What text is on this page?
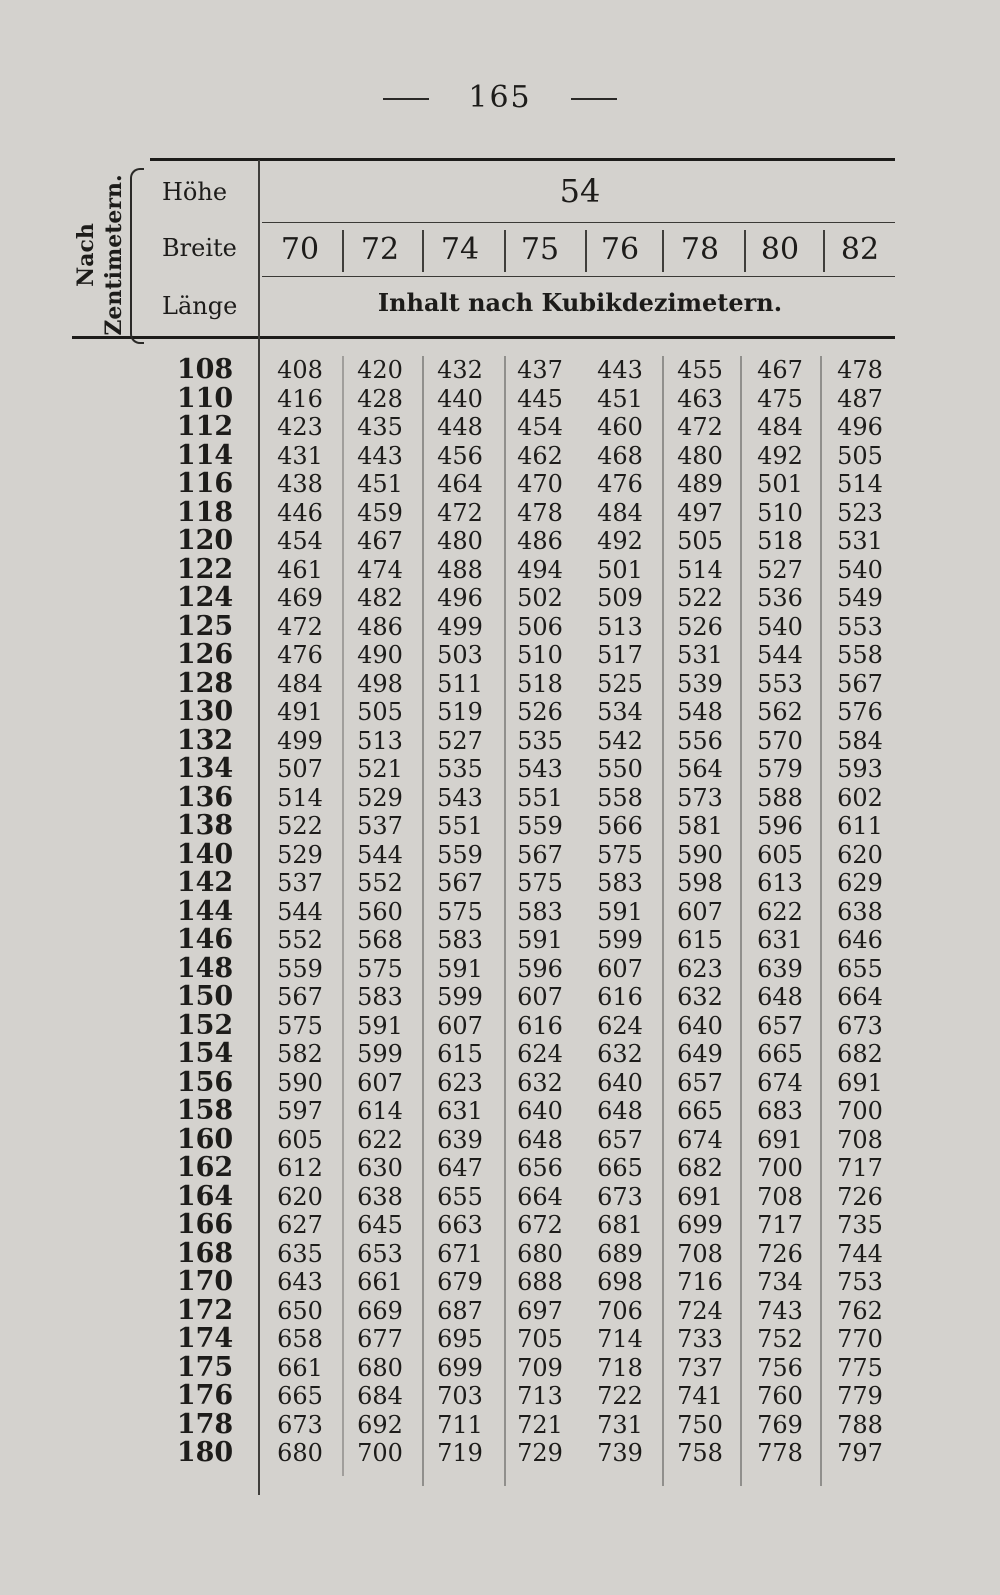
165
Nach Zentimetern. Höhe
Breite
Länge
54
70	72	74	75	76	78	80	82
Inhalt nach Kubikdezimetern.
108	408	420	432	437	443	455	467	478
110	416	428	440	445	451	463	475	487
112	423	435	448	454	460	472	484	496
114	431	443	456	462	468	480	492	505
116	438	451	464	470	476	489	501	514
118	446	459	472	478	484	497	510	523
120	454	467	480	486	492	505	518	531
122	461	474	488	494	501	514	527	540
124	469	482	496	502	509	522	536	549
125	472	486	499	506	513	526	540	553
126	476	490	503	510	517	531	544	558
128	484	498	511	518	525	539	553	567
130	491	505	519	526	534	548	562	576
132	499	513	527	535	542	556	570	584
134	507	521	535	543	550	564	579	593
136	514	529	543	551	558	573	588	602
138	522	537	551	559	566	581	596	611
140	529	544	559	567	575	590	605	620
142	537	552	567	575	583	598	613	629
144	544	560	575	583	591	607	622	638
146	552	568	583	591	599	615	631	646
148	559	575	591	596	607	623	639	655
150	567	583	599	607	616	632	648	664
152	575	591	607	616	624	640	657	673
154	582	599	615	624	632	649	665	682
156	590	607	623	632	640	657	674	691
158	597	614	631	640	648	665	683	700
160	605	622	639	648	657	674	691	708
162	612	630	647	656	665	682	700	717
164	620	638	655	664	673	691	708	726
166	627	645	663	672	681	699	717	735
168	635	653	671	680	689	708	726	744
170	643	661	679	688	698	716	734	753
172	650	669	687	697	706	724	743	762
174	658	677	695	705	714	733	752	770
175	661	680	699	709	718	737	756	775
176	665	684	703	713	722	741	760	779
178	673	692	711	721	731	750	769	788
180	680	700	719	729	739	758	778	797
